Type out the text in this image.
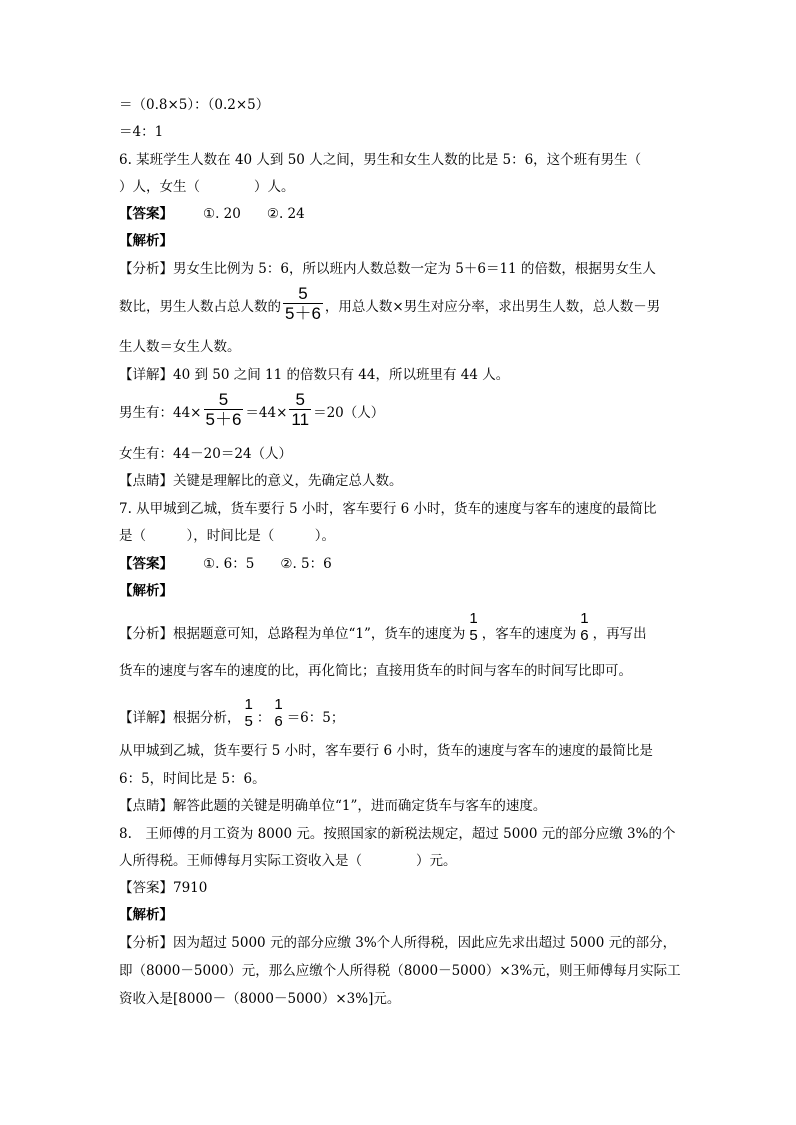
＝（0.8×5）：（0.2×5）
＝4：1
6. 某班学生人数在 40 人到 50 人之间，男生和女生人数的比是 5：6，这个班有男生（
）人，女生（　　　　）人。
【答案】 ①. 20 ②. 24
【解析】
【分析】男女生比例为 5：6，所以班内人数总数一定为 5＋6＝11 的倍数，根据男女生人
数比，男生人数占总人数的 $\frac{5}{5+6}$ ，用总人数×男生对应分率，求出男生人数，总人数－男
生人数＝女生人数。
【详解】40 到 50 之间 11 的倍数只有 44，所以班里有 44 人。
男生有：$44\times \frac{5}{5+6} =44\times \frac{5}{11} =20$（人）
女生有：44－20＝24（人）
【点睛】关键是理解比的意义，先确定总人数。
7. 从甲城到乙城，货车要行 5 小时，客车要行 6 小时，货车的速度与客车的速度的最简比
是（　　　），时间比是（　　　）。
【答案】 ①. 6：5 ②. 5：6
【解析】
【分析】根据题意可知，总路程为单位“1”，货车的速度为
1
5 ，客车的速度为
1
6 ，再写出
货车的速度与客车的速度的比，再化简比；直接用货车的时间与客车的时间写比即可。
【详解】根据分析，
1
5 ：
1
6 ＝6：5；
从甲城到乙城，货车要行 5 小时，客车要行 6 小时，货车的速度与客车的速度的最简比是
6：5，时间比是 5：6。
【点睛】解答此题的关键是明确单位“1”，进而确定货车与客车的速度。
8.　王师傅的月工资为 8000 元。按照国家的新税法规定，超过 5000 元的部分应缴 3%的个
人所得税。王师傅每月实际工资收入是（　　　　）元。
【答案】7910
【解析】
【分析】因为超过 5000 元的部分应缴 3%个人所得税，因此应先求出超过 5000 元的部分，
即（8000－5000）元，那么应缴个人所得税（8000－5000）×3%元，则王师傅每月实际工
资收入是[8000－（8000－5000）×3%]元。
